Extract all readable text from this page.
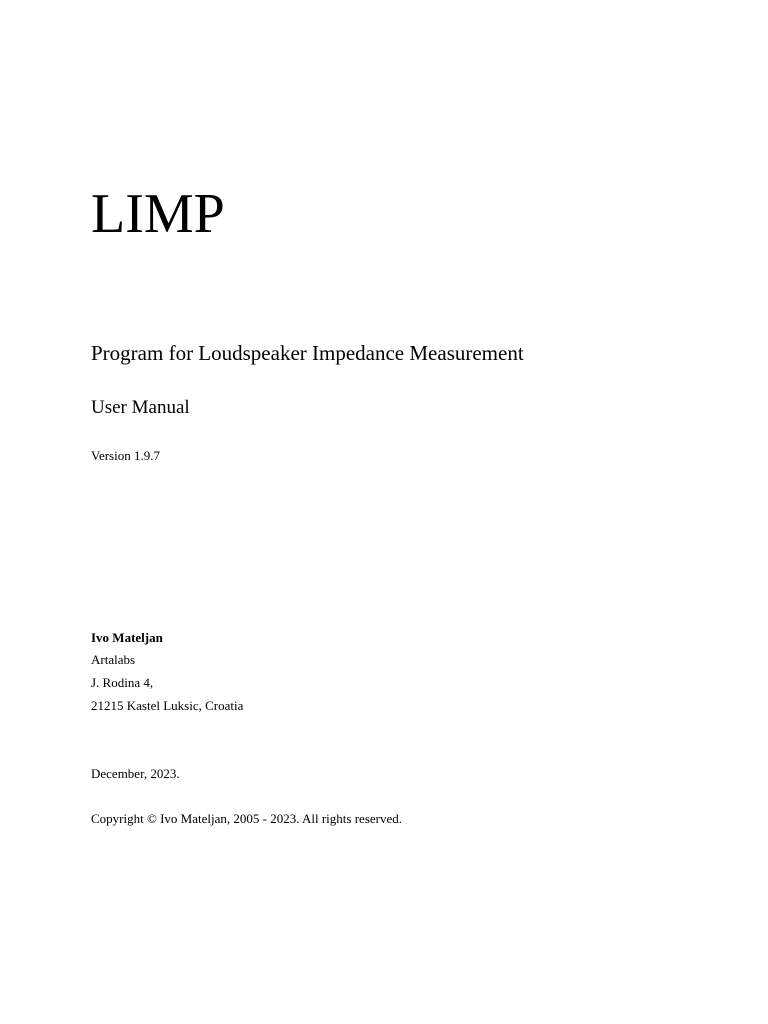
LIMP

Program for Loudspeaker Impedance Measurement

User Manual

Version 1.9.7

Ivo Mateljan

Artalabs

J. Rodina 4,

21215 Kastel Luksic, Croatia

December, 2023.

Copyright © Ivo Mateljan, 2005 - 2023. All rights reserved.
